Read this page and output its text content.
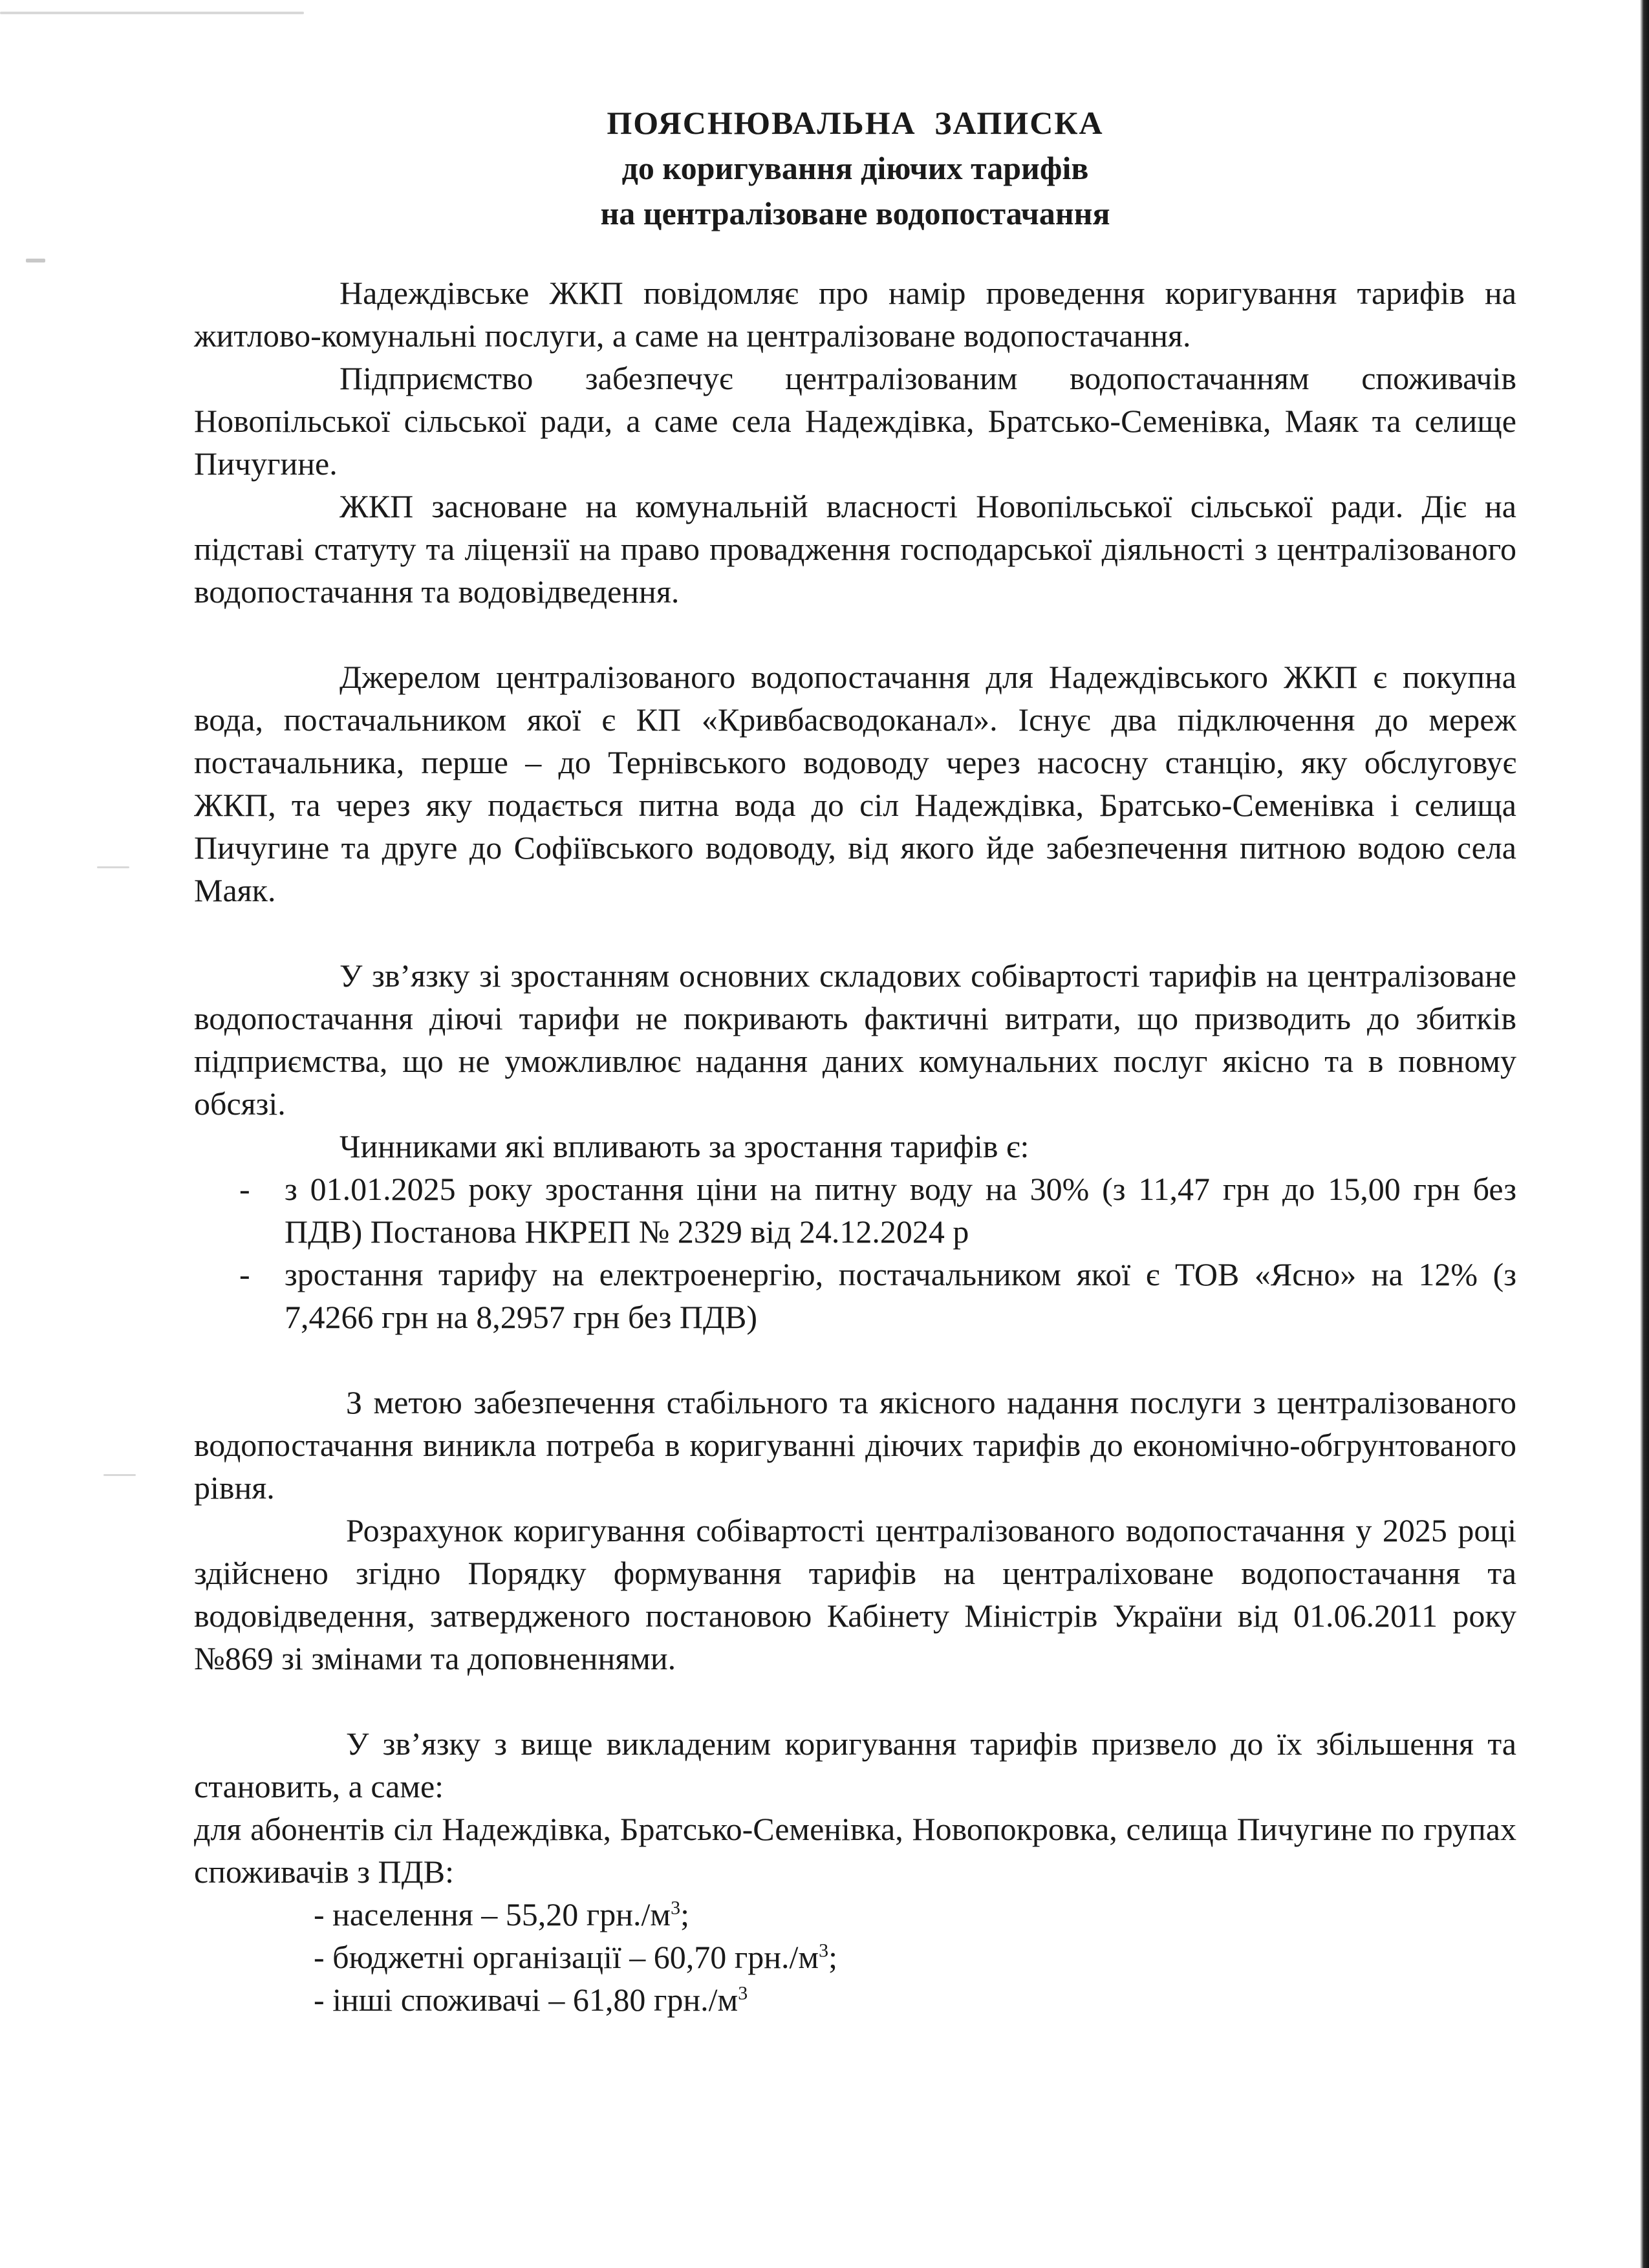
ПОЯСНЮВАЛЬНА ЗАПИСКА
до коригування діючих тарифів
на централізоване водопостачання

Надеждівське ЖКП повідомляє про намір проведення коригування тарифів на житлово-комунальні послуги, а саме на централізоване водопостачання.

Підприємство забезпечує централізованим водопостачанням споживачів Новопільської сільської ради, а саме села Надеждівка, Братсько-Семенівка, Маяк та селище Пичугине.

ЖКП засноване на комунальній власності Новопільської сільської ради. Діє на підставі статуту та ліцензії на право провадження господарської діяльності з централізованого водопостачання та водовідведення.

Джерелом централізованого водопостачання для Надеждівського ЖКП є покупна вода, постачальником якої є КП «Кривбасводоканал». Існує два підключення до мереж постачальника, перше – до Тернівського водоводу через насосну станцію, яку обслуговує ЖКП, та через яку подається питна вода до сіл Надеждівка, Братсько-Семенівка і селища Пичугине та друге до Софіївського водоводу, від якого йде забезпечення питною водою села Маяк.

У зв’язку зі зростанням основних складових собівартості тарифів на централізоване водопостачання діючі тарифи не покривають фактичні витрати, що призводить до збитків підприємства, що не уможливлює надання даних комунальних послуг якісно та в повному обсязі.

Чинниками які впливають за зростання тарифів є:

- з 01.01.2025 року зростання ціни на питну воду на 30% (з 11,47 грн до 15,00 грн без ПДВ) Постанова НКРЕП № 2329 від 24.12.2024 р
- зростання тарифу на електроенергію, постачальником якої є ТОВ «Ясно» на 12% (з 7,4266 грн на 8,2957 грн без ПДВ)

З метою забезпечення стабільного та якісного надання послуги з централізованого водопостачання виникла потреба в коригуванні діючих тарифів до економічно-обгрунтованого рівня.

Розрахунок коригування собівартості централізованого водопостачання у 2025 році здійснено згідно Порядку формування тарифів на централіховане водопостачання та водовідведення, затвердженого постановою Кабінету Міністрів України від 01.06.2011 року №869 зі змінами та доповненнями.

У зв’язку з вище викладеним коригування тарифів призвело до їх збільшення та становить, а саме:

для абонентів сіл Надеждівка, Братсько-Семенівка, Новопокровка, селища Пичугине по групах споживачів з ПДВ:

- населення – 55,20 $грн./м^3$;
- бюджетні організації – 60,70 $грн./м^3$;
- інші споживачі – 61,80 $грн./м^3$
